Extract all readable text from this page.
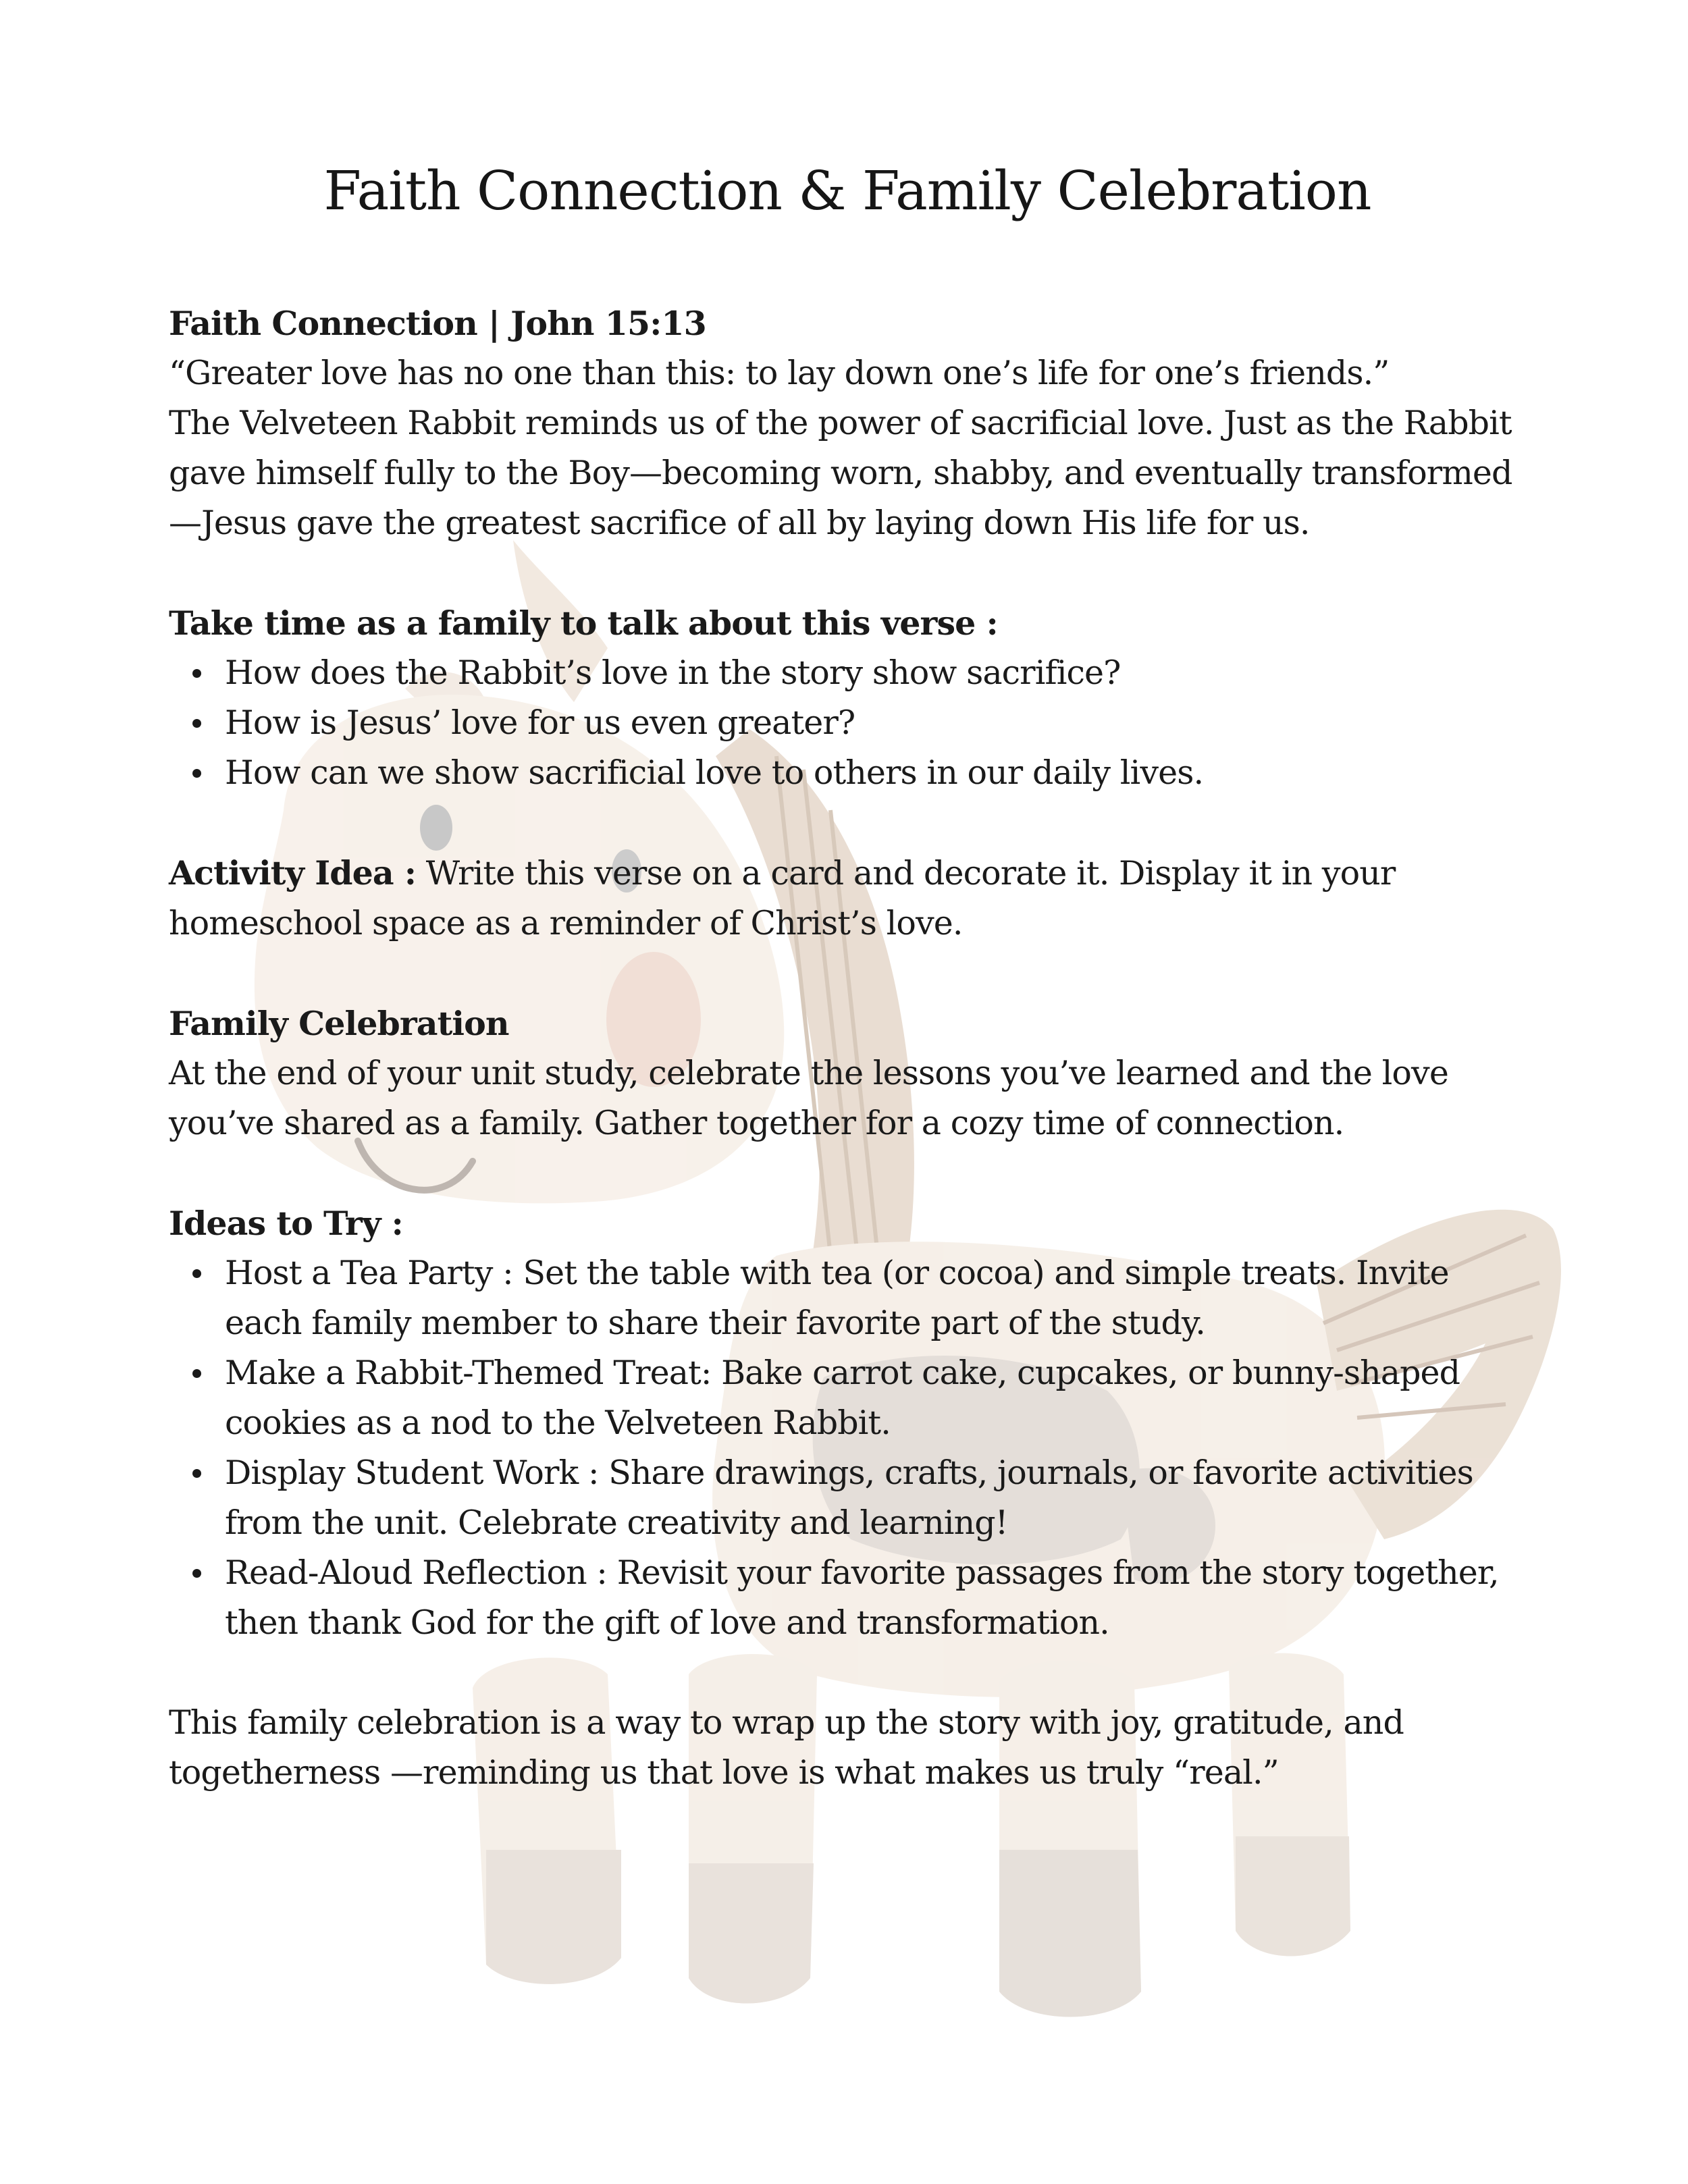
Faith Connection & Family Celebration

Faith Connection | John 15:13

“Greater love has no one than this: to lay down one’s life for one’s friends.”

The Velveteen Rabbit reminds us of the power of sacrificial love. Just as the Rabbit gave himself fully to the Boy—becoming worn, shabby, and eventually transformed—Jesus gave the greatest sacrifice of all by laying down His life for us.

Take time as a family to talk about this verse :

How does the Rabbit’s love in the story show sacrifice?
How is Jesus’ love for us even greater?
How can we show sacrificial love to others in our daily lives.

Activity Idea : Write this verse on a card and decorate it. Display it in your homeschool space as a reminder of Christ’s love.

Family Celebration

At the end of your unit study, celebrate the lessons you’ve learned and the love you’ve shared as a family. Gather together for a cozy time of connection.

Ideas to Try :

Host a Tea Party : Set the table with tea (or cocoa) and simple treats. Invite each family member to share their favorite part of the study.
Make a Rabbit-Themed Treat: Bake carrot cake, cupcakes, or bunny-shaped cookies as a nod to the Velveteen Rabbit.
Display Student Work : Share drawings, crafts, journals, or favorite activities from the unit. Celebrate creativity and learning!
Read-Aloud Reflection : Revisit your favorite passages from the story together, then thank God for the gift of love and transformation.

This family celebration is a way to wrap up the story with joy, gratitude, and togetherness —reminding us that love is what makes us truly “real.”
